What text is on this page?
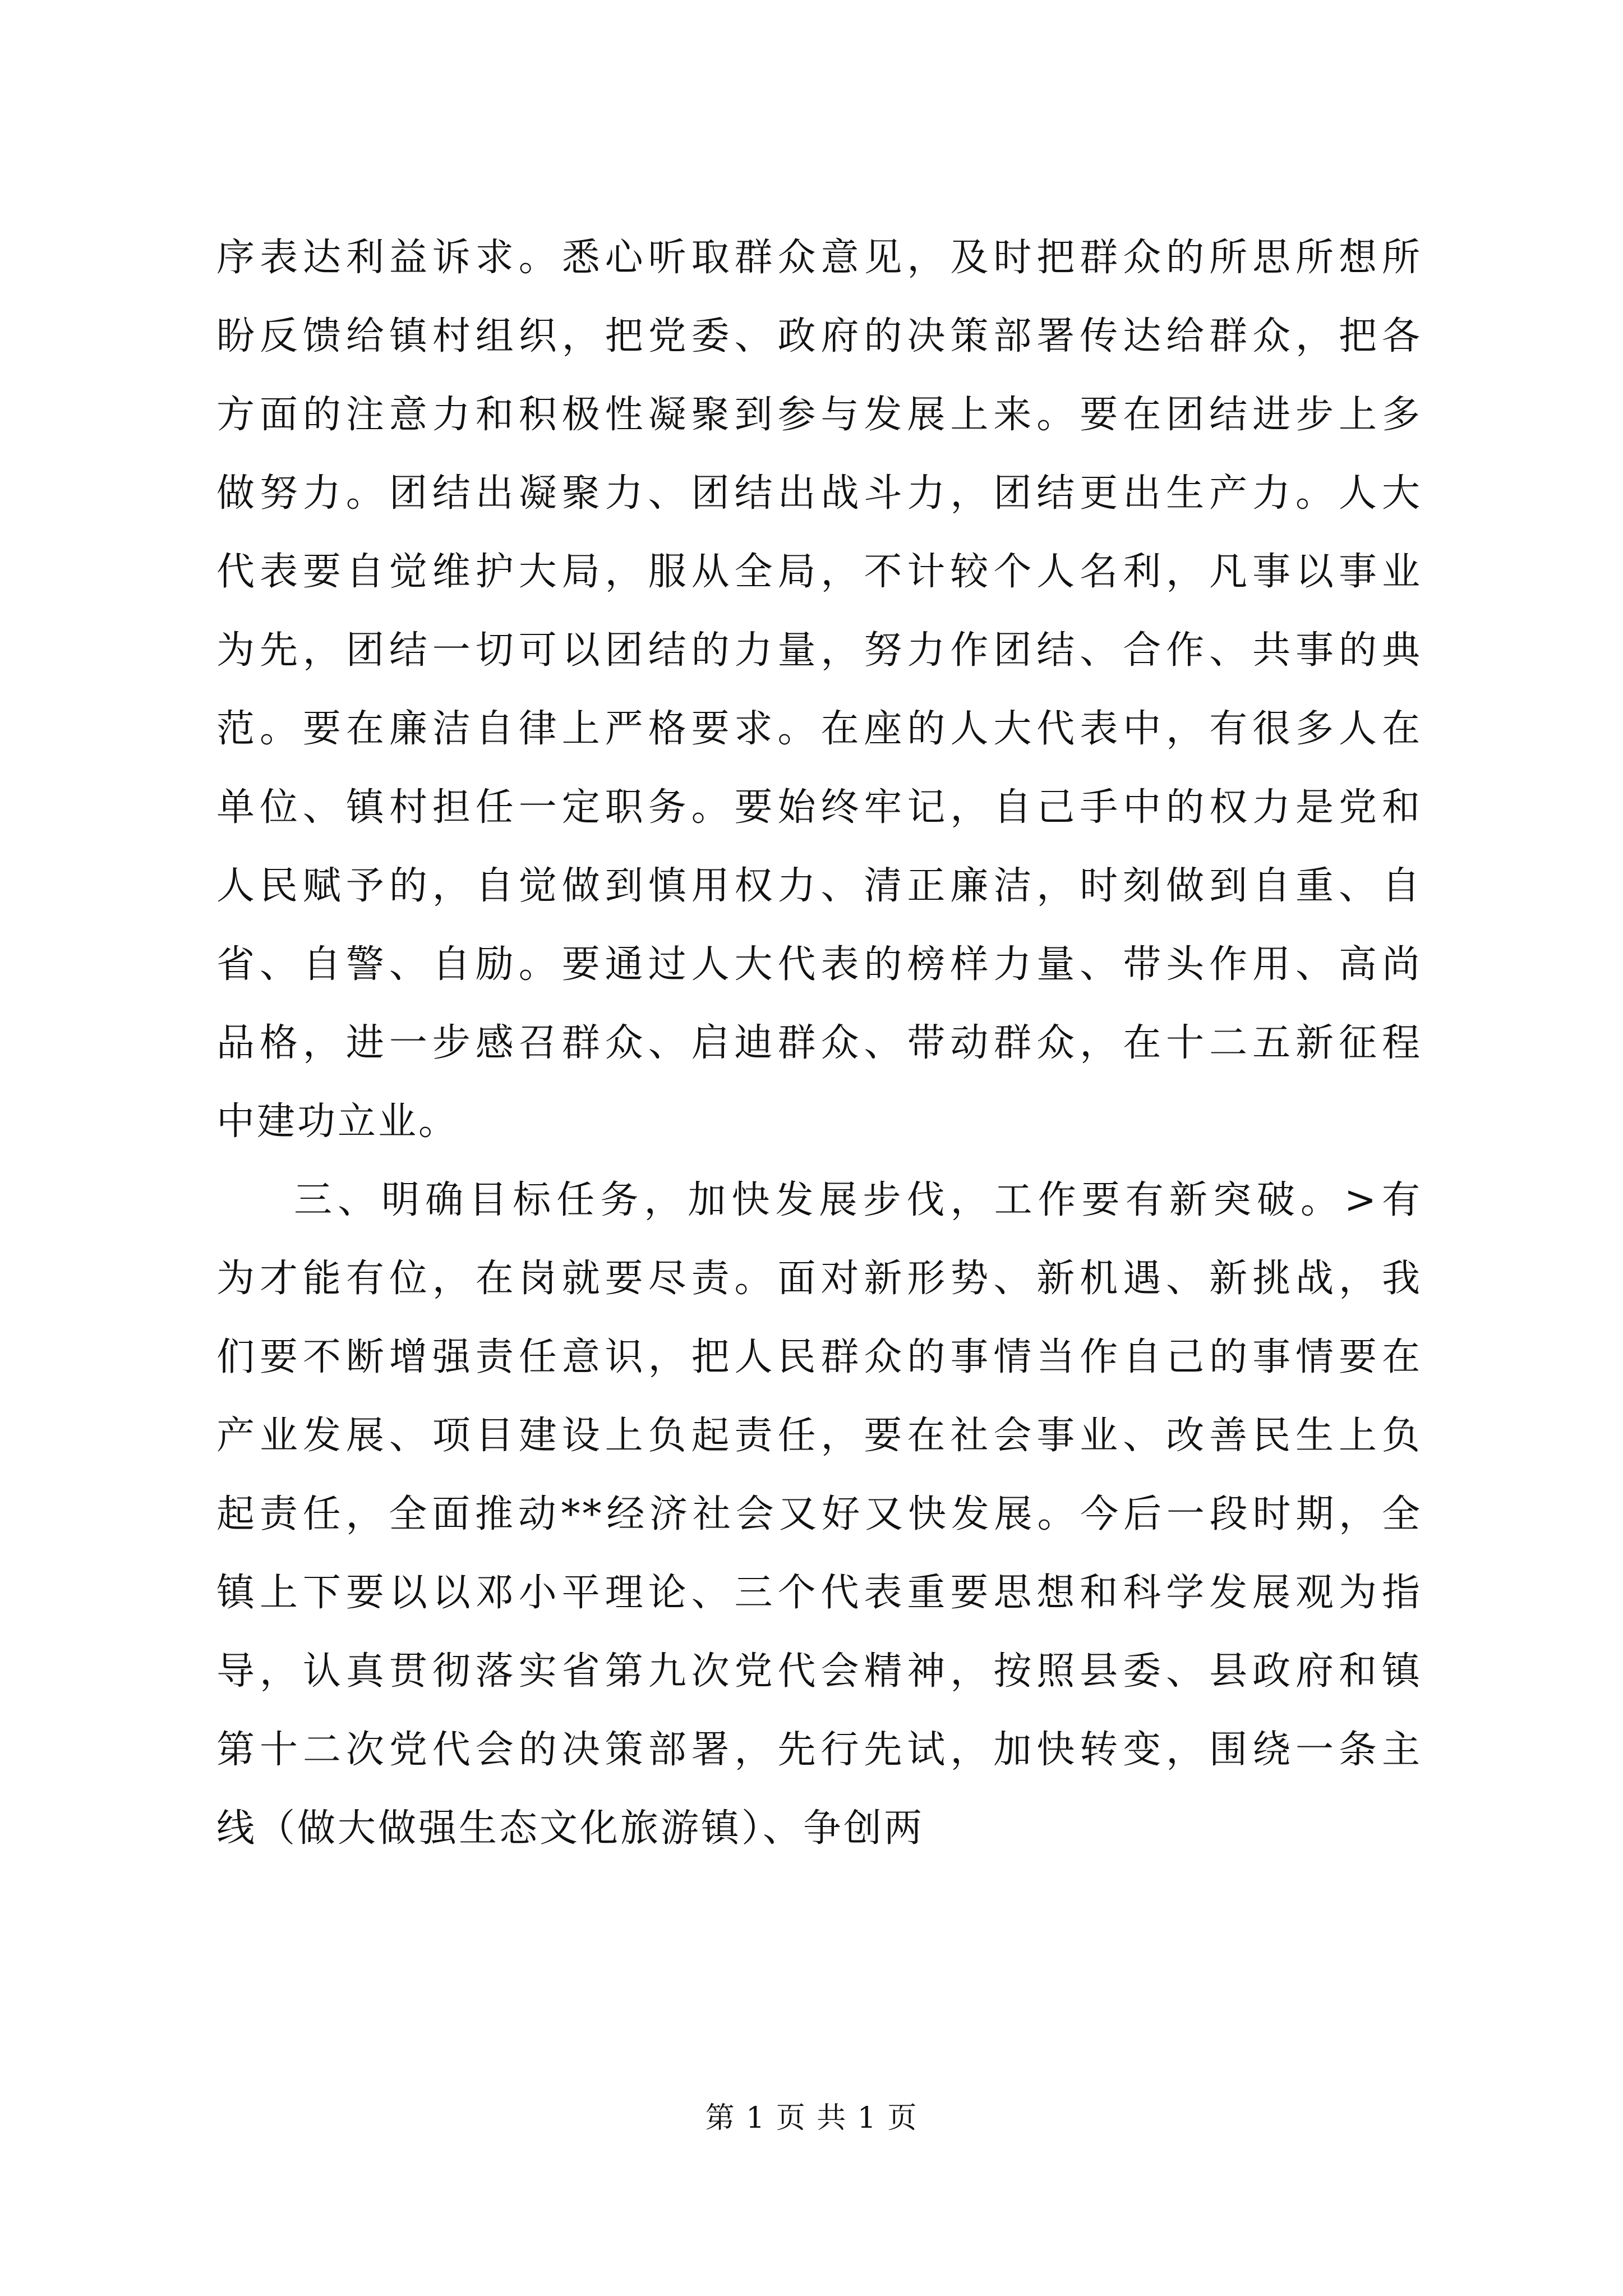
序表达利益诉求。悉心听取群众意见，及时把群众的所思所想所
盼反馈给镇村组织，把党委、政府的决策部署传达给群众，把各
方面的注意力和积极性凝聚到参与发展上来。要在团结进步上多
做努力。团结出凝聚力、团结出战斗力，团结更出生产力。人大
代表要自觉维护大局，服从全局，不计较个人名利，凡事以事业
为先，团结一切可以团结的力量，努力作团结、合作、共事的典
范。要在廉洁自律上严格要求。在座的人大代表中，有很多人在
单位、镇村担任一定职务。要始终牢记，自己手中的权力是党和
人民赋予的，自觉做到慎用权力、清正廉洁，时刻做到自重、自
省、自警、自励。要通过人大代表的榜样力量、带头作用、高尚
品格，进一步感召群众、启迪群众、带动群众，在十二五新征程
中建功立业。
三、明确目标任务，加快发展步伐，工作要有新突破。>有
为才能有位，在岗就要尽责。面对新形势、新机遇、新挑战，我
们要不断增强责任意识，把人民群众的事情当作自己的事情要在
产业发展、项目建设上负起责任，要在社会事业、改善民生上负
起责任，全面推动**经济社会又好又快发展。今后一段时期，全
镇上下要以以邓小平理论、三个代表重要思想和科学发展观为指
导，认真贯彻落实省第九次党代会精神，按照县委、县政府和镇
第十二次党代会的决策部署，先行先试，加快转变，围绕一条主
线（做大做强生态文化旅游镇）、争创两
第 1 页 共 1 页
